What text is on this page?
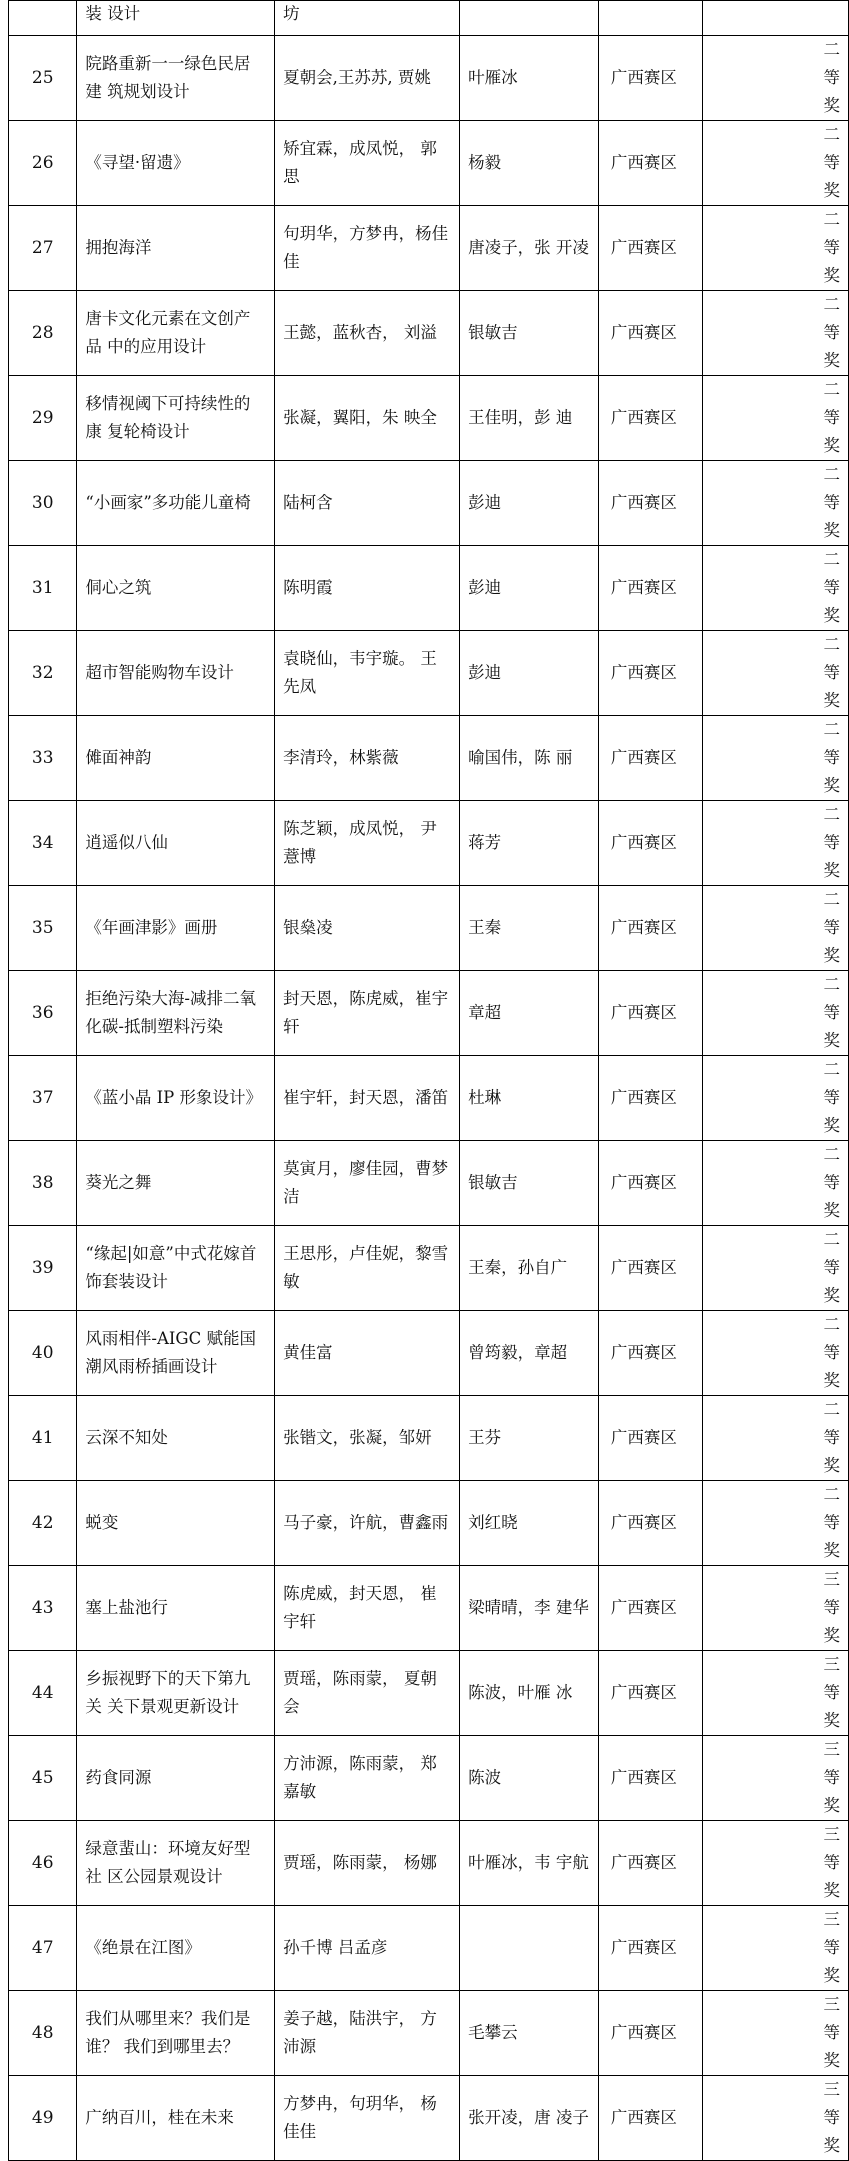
	装 设计	坊			
25	院路重新一一绿色民居建 筑规划设计	夏朝会,王苏苏, 贾姚	叶雁冰	广西赛区	二等奖
26	《寻望·留遗》	矫宜霖，成凤悦， 郭思	杨毅	广西赛区	二等奖
27	拥抱海洋	句玥华，方梦冉，杨佳佳	唐凌子，张 开凌	广西赛区	二等奖
28	唐卡文化元素在文创产品 中的应用设计	王懿，蓝秋杏， 刘溢	银敏吉	广西赛区	二等奖
29	移情视阈下可持续性的康 复轮椅设计	张凝，翼阳，朱 映全	王佳明，彭 迪	广西赛区	二等奖
30	“小画家”多功能儿童椅	陆柯含	彭迪	广西赛区	二等奖
31	侗心之筑	陈明霞	彭迪	广西赛区	二等奖
32	超市智能购物车设计	袁晓仙，韦宇璇。 王先凤	彭迪	广西赛区	二等奖
33	傩面神韵	李清玲，林紫薇	喻国伟，陈 丽	广西赛区	二等奖
34	逍遥似八仙	陈芝颖，成凤悦， 尹薏博	蒋芳	广西赛区	二等奖
35	《年画津影》画册	银燊凌	王秦	广西赛区	二等奖
36	拒绝污染大海-减排二氧化碳-抵制塑料污染	封天恩，陈虎威，崔宇轩	章超	广西赛区	二等奖
37	《蓝小晶 IP 形象设计》	崔宇轩，封天恩，潘笛	杜琳	广西赛区	二等奖
38	葵光之舞	莫寅月，廖佳园，曹梦洁	银敏吉	广西赛区	二等奖
39	“缘起|如意”中式花嫁首饰套装设计	王思彤，卢佳妮，黎雪敏	王秦，孙自广	广西赛区	二等奖
40	风雨相伴-AIGC 赋能国潮风雨桥插画设计	黄佳富	曾筠毅，章超	广西赛区	二等奖
41	云深不知处	张锴文，张凝，邹妍	王芬	广西赛区	二等奖
42	蜕变	马子豪，许航，曹鑫雨	刘红晓	广西赛区	二等奖
43	塞上盐池行	陈虎威，封天恩， 崔宇轩	梁晴晴，李 建华	广西赛区	三等奖
44	乡振视野下的天下第九关 关下景观更新设计	贾瑶，陈雨蒙， 夏朝会	陈波，叶雁 冰	广西赛区	三等奖
45	药食同源	方沛源，陈雨蒙， 郑嘉敏	陈波	广西赛区	三等奖
46	绿意蜚山：环境友好型社 区公园景观设计	贾瑶，陈雨蒙， 杨娜	叶雁冰，韦 宇航	广西赛区	三等奖
47	《绝景在江图》	孙千博 吕孟彦		广西赛区	三等奖
48	我们从哪里来？我们是谁？ 我们到哪里去？	姜子越，陆洪宇， 方沛源	毛攀云	广西赛区	三等奖
49	广纳百川，桂在未来	方梦冉，句玥华， 杨佳佳	张开凌，唐 凌子	广西赛区	三等奖
